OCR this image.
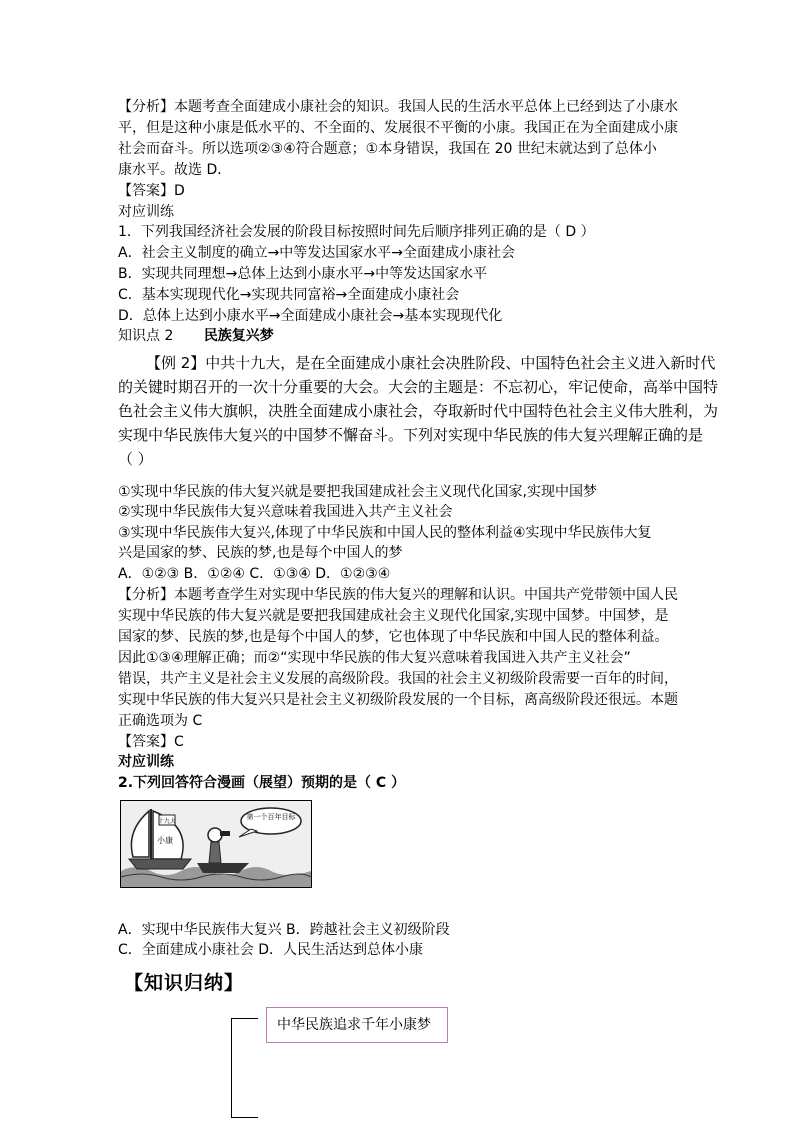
【分析】本题考查全面建成小康社会的知识。我国人民的生活水平总体上已经到达了小康水
平，但是这种小康是低水平的、不全面的、发展很不平衡的小康。我国正在为全面建成小康
社会而奋斗。所以选项②③④符合题意；①本身错误，我国在 20 世纪末就达到了总体小
康水平。故选 D．
【答案】D
对应训练
1．下列我国经济社会发展的阶段目标按照时间先后顺序排列正确的是（ D ）
A．社会主义制度的确立→中等发达国家水平→全面建成小康社会
B．实现共同理想→总体上达到小康水平→中等发达国家水平
C．基本实现现代化→实现共同富裕→全面建成小康社会
D．总体上达到小康水平→全面建成小康社会→基本实现现代化
知识点 2 民族复兴梦
【例 2】中共十九大，是在全面建成小康社会决胜阶段、中国特色社会主义进入新时代
的关键时期召开的一次十分重要的大会。大会的主题是：不忘初心，牢记使命，高举中国特
色社会主义伟大旗帜，决胜全面建成小康社会，夺取新时代中国特色社会主义伟大胜利，为
实现中华民族伟大复兴的中国梦不懈奋斗。下列对实现中华民族的伟大复兴理解正确的是
（ ）
①实现中华民族的伟大复兴就是要把我国建成社会主义现代化国家,实现中国梦
②实现中华民族伟大复兴意味着我国进入共产主义社会
③实现中华民族伟大复兴,体现了中华民族和中国人民的整体利益④实现中华民族伟大复
兴是国家的梦、民族的梦,也是每个中国人的梦
A．①②③ B．①②④ C．①③④ D．①②③④
【分析】本题考查学生对实现中华民族的伟大复兴的理解和认识。中国共产党带领中国人民
实现中华民族的伟大复兴就是要把我国建成社会主义现代化国家,实现中国梦。中国梦，是
国家的梦、民族的梦,也是每个中国人的梦，它也体现了中华民族和中国人民的整体利益。
因此①③④理解正确；而②“实现中华民族的伟大复兴意味着我国进入共产主义社会”
错误，共产主义是社会主义发展的高级阶段。我国的社会主义初级阶段需要一百年的时间，
实现中华民族的伟大复兴只是社会主义初级阶段发展的一个目标，离高级阶段还很远。本题
正确选项为 C
【答案】C
对应训练
2.下列回答符合漫画（展望）预期的是（ C ）
十九大
小康
第一个百年目标
A．实现中华民族伟大复兴 B．跨越社会主义初级阶段
C．全面建成小康社会 D．人民生活达到总体小康
【知识归纳】
中华民族追求千年小康梦
